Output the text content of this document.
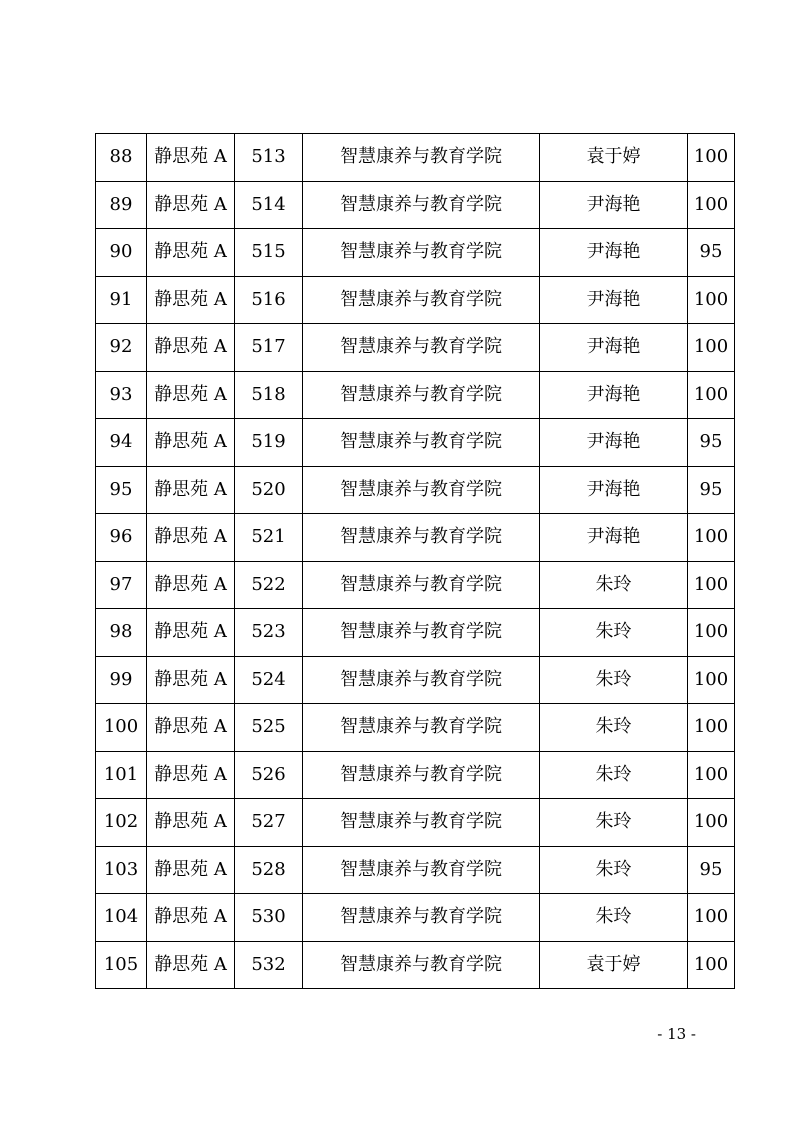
88	静思苑 A	513	智慧康养与教育学院	袁于婷	100
89	静思苑 A	514	智慧康养与教育学院	尹海艳	100
90	静思苑 A	515	智慧康养与教育学院	尹海艳	95
91	静思苑 A	516	智慧康养与教育学院	尹海艳	100
92	静思苑 A	517	智慧康养与教育学院	尹海艳	100
93	静思苑 A	518	智慧康养与教育学院	尹海艳	100
94	静思苑 A	519	智慧康养与教育学院	尹海艳	95
95	静思苑 A	520	智慧康养与教育学院	尹海艳	95
96	静思苑 A	521	智慧康养与教育学院	尹海艳	100
97	静思苑 A	522	智慧康养与教育学院	朱玲	100
98	静思苑 A	523	智慧康养与教育学院	朱玲	100
99	静思苑 A	524	智慧康养与教育学院	朱玲	100
100	静思苑 A	525	智慧康养与教育学院	朱玲	100
101	静思苑 A	526	智慧康养与教育学院	朱玲	100
102	静思苑 A	527	智慧康养与教育学院	朱玲	100
103	静思苑 A	528	智慧康养与教育学院	朱玲	95
104	静思苑 A	530	智慧康养与教育学院	朱玲	100
105	静思苑 A	532	智慧康养与教育学院	袁于婷	100
- 13 -
